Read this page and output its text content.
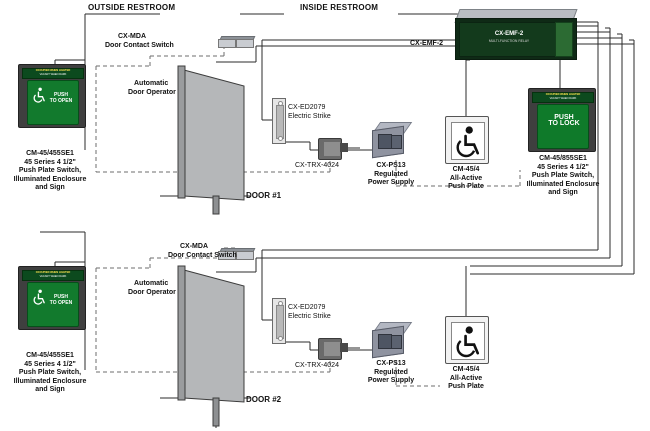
OUTSIDE RESTROOM	INSIDE RESTROOM
CX-EMF-2
MULTI-FUNCTION RELAY
CX-EMF-2
OCCUPIED WHEN LIGHTED
VACANT WHEN DARK
PUSH
TO OPEN
CM-45/455SE1
45 Series 4 1/2"
Push Plate Switch,
Illuminated Enclosure
and Sign
OCCUPIED WHEN LIGHTED
VACANT WHEN DARK
PUSH
TO LOCK
CM-45/855SE1
45 Series 4 1/2"
Push Plate Switch,
Illuminated Enclosure
and Sign
CX-MDA
Door Contact Switch
Automatic
Door Operator
CX-ED2079
Electric Strike
CX-TRX-4024	CX-PS13
Regulated
Power Supply
CM-45/4
All-Active
Push Plate
DOOR #1
OCCUPIED WHEN LIGHTED
VACANT WHEN DARK
PUSH
TO OPEN
CM-45/455SE1
45 Series 4 1/2"
Push Plate Switch,
Illuminated Enclosure
and Sign
CX-MDA
Door Contact Switch
Automatic
Door Operator
CX-ED2079
Electric Strike
CX-TRX-4024	CX-PS13
Regulated
Power Supply
CM-45/4
All-Active
Push Plate
DOOR #2
